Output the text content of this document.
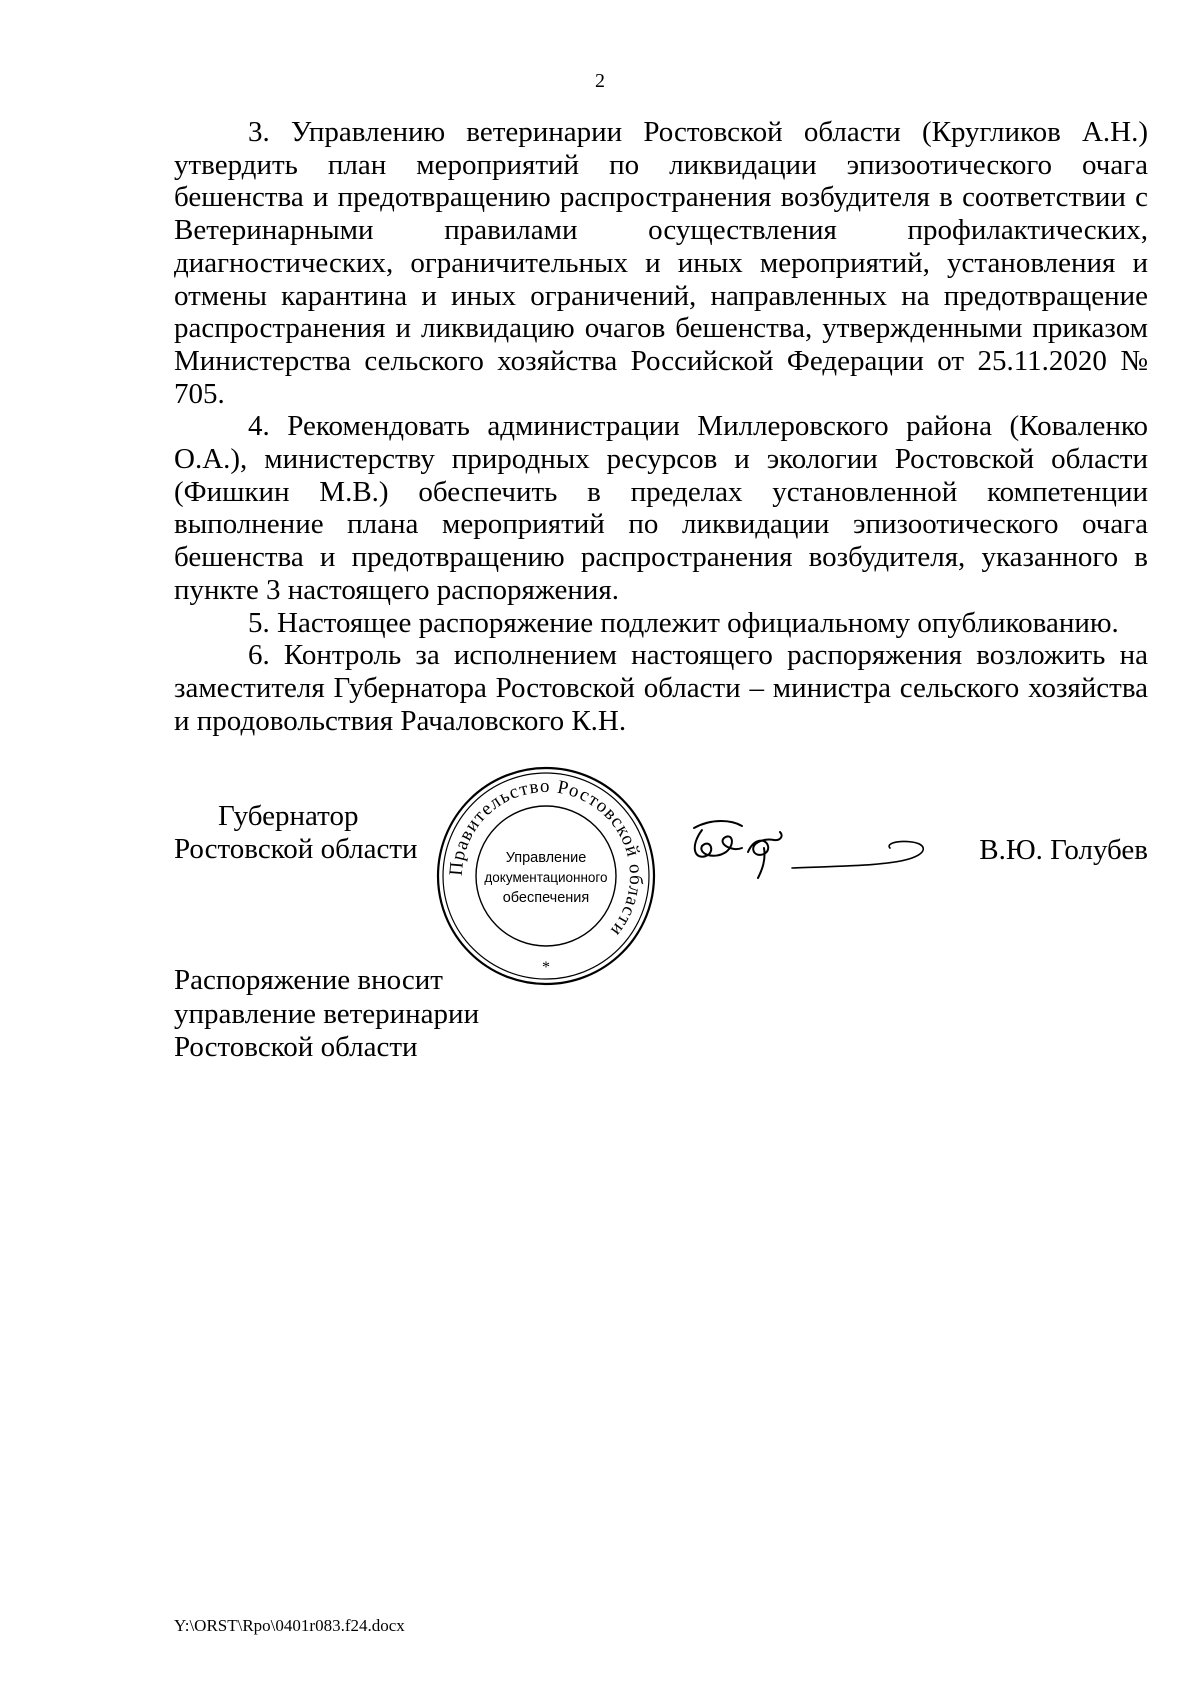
2
3. Управлению ветеринарии Ростовской области (Кругликов А.Н.) утвердить план мероприятий по ликвидации эпизоотического очага бешенства и предотвращению распространения возбудителя в соответствии с Ветеринарными правилами осуществления профилактических, диагностических, ограничительных и иных мероприятий, установления и отмены карантина и иных ограничений, направленных на предотвращение распространения и ликвидацию очагов бешенства, утвержденными приказом Министерства сельского хозяйства Российской Федерации от 25.11.2020 № 705.
4. Рекомендовать администрации Миллеровского района (Коваленко О.А.), министерству природных ресурсов и экологии Ростовской области (Фишкин М.В.) обеспечить в пределах установленной компетенции выполнение плана мероприятий по ликвидации эпизоотического очага бешенства и предотвращению распространения возбудителя, указанного в пункте 3 настоящего распоряжения.
5. Настоящее распоряжение подлежит официальному опубликованию.
6. Контроль за исполнением настоящего распоряжения возложить на заместителя Губернатора Ростовской области – министра сельского хозяйства и продовольствия Рачаловского К.Н.
Губернатор
Ростовской области
Правительство Ростовской области
Управление
документационного
обеспечения
*
В.Ю. Голубев
Распоряжение вносит
управление ветеринарии
Ростовской области
Y:\ORST\Rpo\0401r083.f24.docx
